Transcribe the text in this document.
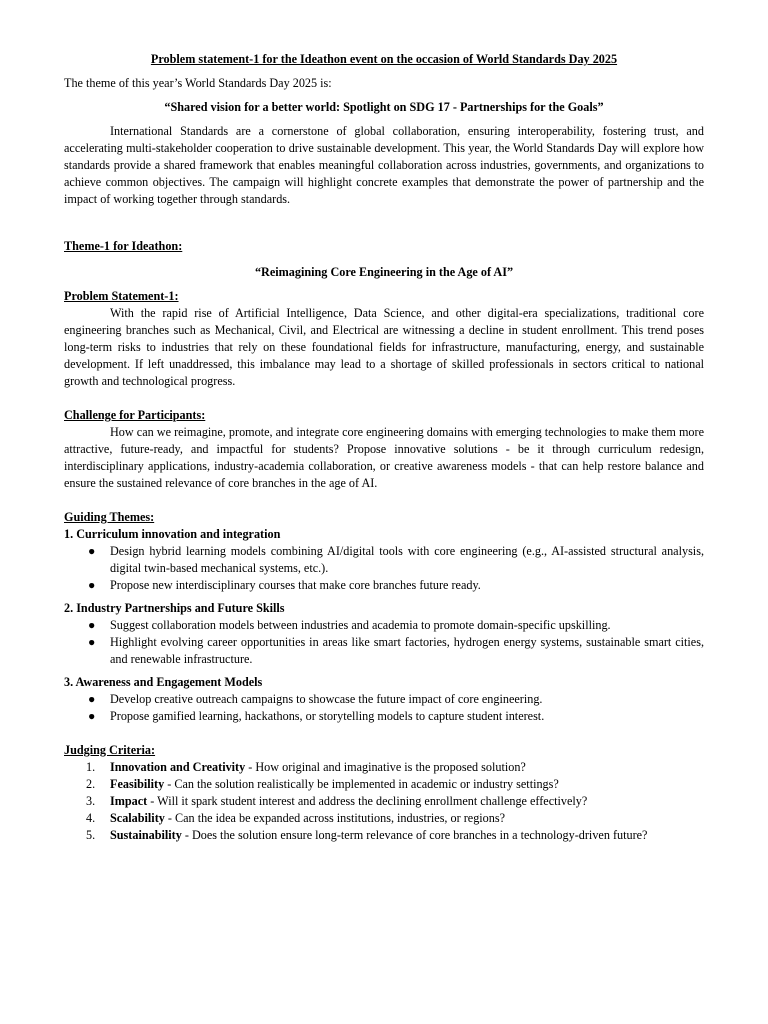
Problem statement-1 for the Ideathon event on the occasion of World Standards Day 2025

The theme of this year’s World Standards Day 2025 is:

“Shared vision for a better world: Spotlight on SDG 17 - Partnerships for the Goals”

International Standards are a cornerstone of global collaboration, ensuring interoperability, fostering trust, and accelerating multi-stakeholder cooperation to drive sustainable development. This year, the World Standards Day will explore how standards provide a shared framework that enables meaningful collaboration across industries, governments, and organizations to achieve common objectives. The campaign will highlight concrete examples that demonstrate the power of partnership and the impact of working together through standards.

Theme-1 for Ideathon:

“Reimagining Core Engineering in the Age of AI”

Problem Statement-1:

With the rapid rise of Artificial Intelligence, Data Science, and other digital-era specializations, traditional core engineering branches such as Mechanical, Civil, and Electrical are witnessing a decline in student enrollment. This trend poses long-term risks to industries that rely on these foundational fields for infrastructure, manufacturing, energy, and sustainable development. If left unaddressed, this imbalance may lead to a shortage of skilled professionals in sectors critical to national growth and technological progress.

Challenge for Participants:

How can we reimagine, promote, and integrate core engineering domains with emerging technologies to make them more attractive, future-ready, and impactful for students? Propose innovative solutions - be it through curriculum redesign, interdisciplinary applications, industry-academia collaboration, or creative awareness models - that can help restore balance and ensure the sustained relevance of core branches in the age of AI.

Guiding Themes:

1. Curriculum innovation and integration

● Design hybrid learning models combining AI/digital tools with core engineering (e.g., AI-assisted structural analysis, digital twin-based mechanical systems, etc.).
● Propose new interdisciplinary courses that make core branches future ready.

2. Industry Partnerships and Future Skills

● Suggest collaboration models between industries and academia to promote domain-specific upskilling.
● Highlight evolving career opportunities in areas like smart factories, hydrogen energy systems, sustainable smart cities, and renewable infrastructure.

3. Awareness and Engagement Models

● Develop creative outreach campaigns to showcase the future impact of core engineering.
● Propose gamified learning, hackathons, or storytelling models to capture student interest.

Judging Criteria:

1. Innovation and Creativity - How original and imaginative is the proposed solution?
2. Feasibility - Can the solution realistically be implemented in academic or industry settings?
3. Impact - Will it spark student interest and address the declining enrollment challenge effectively?
4. Scalability - Can the idea be expanded across institutions, industries, or regions?
5. Sustainability - Does the solution ensure long-term relevance of core branches in a technology-driven future?
